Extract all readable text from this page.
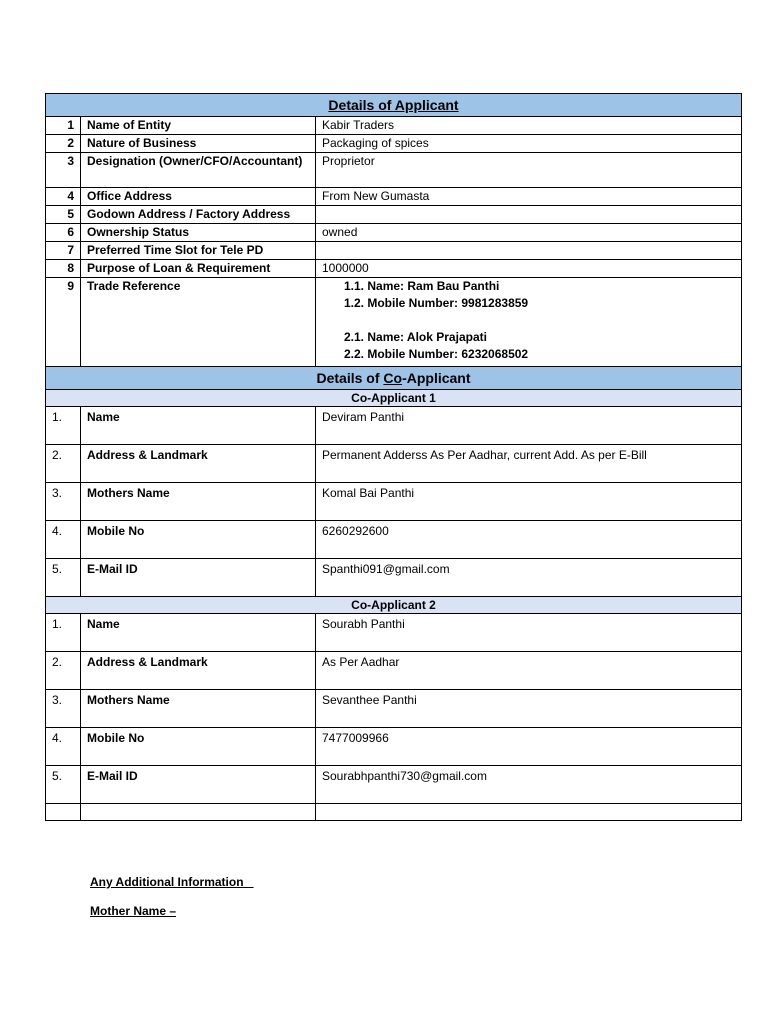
Details of Applicant		
1	Name of Entity	Kabir Traders
2	Nature of Business	Packaging of spices
3	Designation (Owner/CFO/Accountant)	Proprietor
4	Office Address	From New Gumasta
5	Godown Address / Factory Address	
6	Ownership Status	owned
7	Preferred Time Slot for Tele PD	
8	Purpose of Loan & Requirement	1000000
9	Trade Reference	1.1. Name: Ram Bau Panthi
1.2. Mobile Number: 9981283859
2.1. Name: Alok Prajapati
2.2. Mobile Number: 6232068502

Details of Co-Applicant		
Co-Applicant 1		
1.	Name	Deviram Panthi
2.	Address & Landmark	Permanent Adderss As Per Aadhar, current Add. As per E-Bill
3.	Mothers Name	Komal Bai Panthi
4.	Mobile No	6260292600
5.	E-Mail ID	Spanthi091@gmail.com
Co-Applicant 2		
1.	Name	Sourabh Panthi
2.	Address & Landmark	As Per Aadhar
3.	Mothers Name	Sevanthee Panthi
4.	Mobile No	7477009966
5.	E-Mail ID	Sourabhpanthi730@gmail.com

Any Additional Information
Mother Name –
